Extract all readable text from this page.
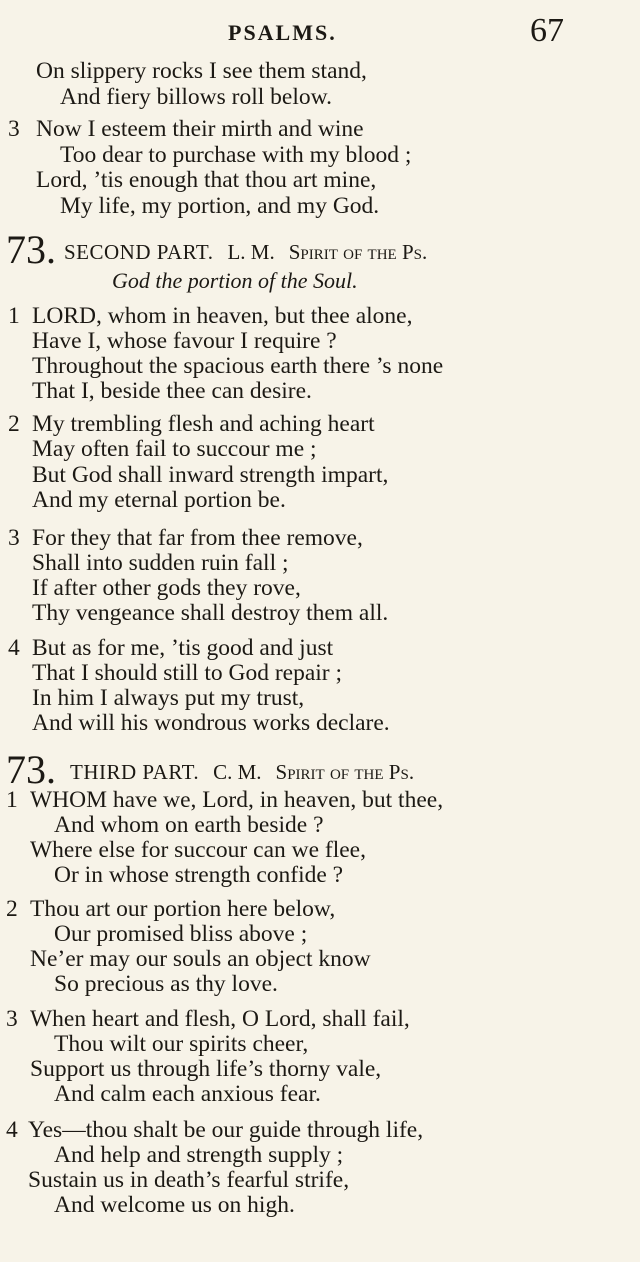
PSALMS.	67
On slippery rocks I see them stand,
And fiery billows roll below.
3 Now I esteem their mirth and wine
Too dear to purchase with my blood ;
Lord, ’tis enough that thou art mine,
My life, my portion, and my God.
73. SECOND PART. L. M. Spirit of the Ps.
God the portion of the Soul.
1 LORD, whom in heaven, but thee alone,
Have I, whose favour I require ?
Throughout the spacious earth there ’s none
That I, beside thee can desire.
2 My trembling flesh and aching heart
May often fail to succour me ;
But God shall inward strength impart,
And my eternal portion be.
3 For they that far from thee remove,
Shall into sudden ruin fall ;
If after other gods they rove,
Thy vengeance shall destroy them all.
4 But as for me, ’tis good and just
That I should still to God repair ;
In him I always put my trust,
And will his wondrous works declare.
73. THIRD PART. C. M. Spirit of the Ps.
1 WHOM have we, Lord, in heaven, but thee,
And whom on earth beside ?
Where else for succour can we flee,
Or in whose strength confide ?
2 Thou art our portion here below,
Our promised bliss above ;
Ne’er may our souls an object know
So precious as thy love.
3 When heart and flesh, O Lord, shall fail,
Thou wilt our spirits cheer,
Support us through life’s thorny vale,
And calm each anxious fear.
4 Yes—thou shalt be our guide through life,
And help and strength supply ;
Sustain us in death’s fearful strife,
And welcome us on high.
